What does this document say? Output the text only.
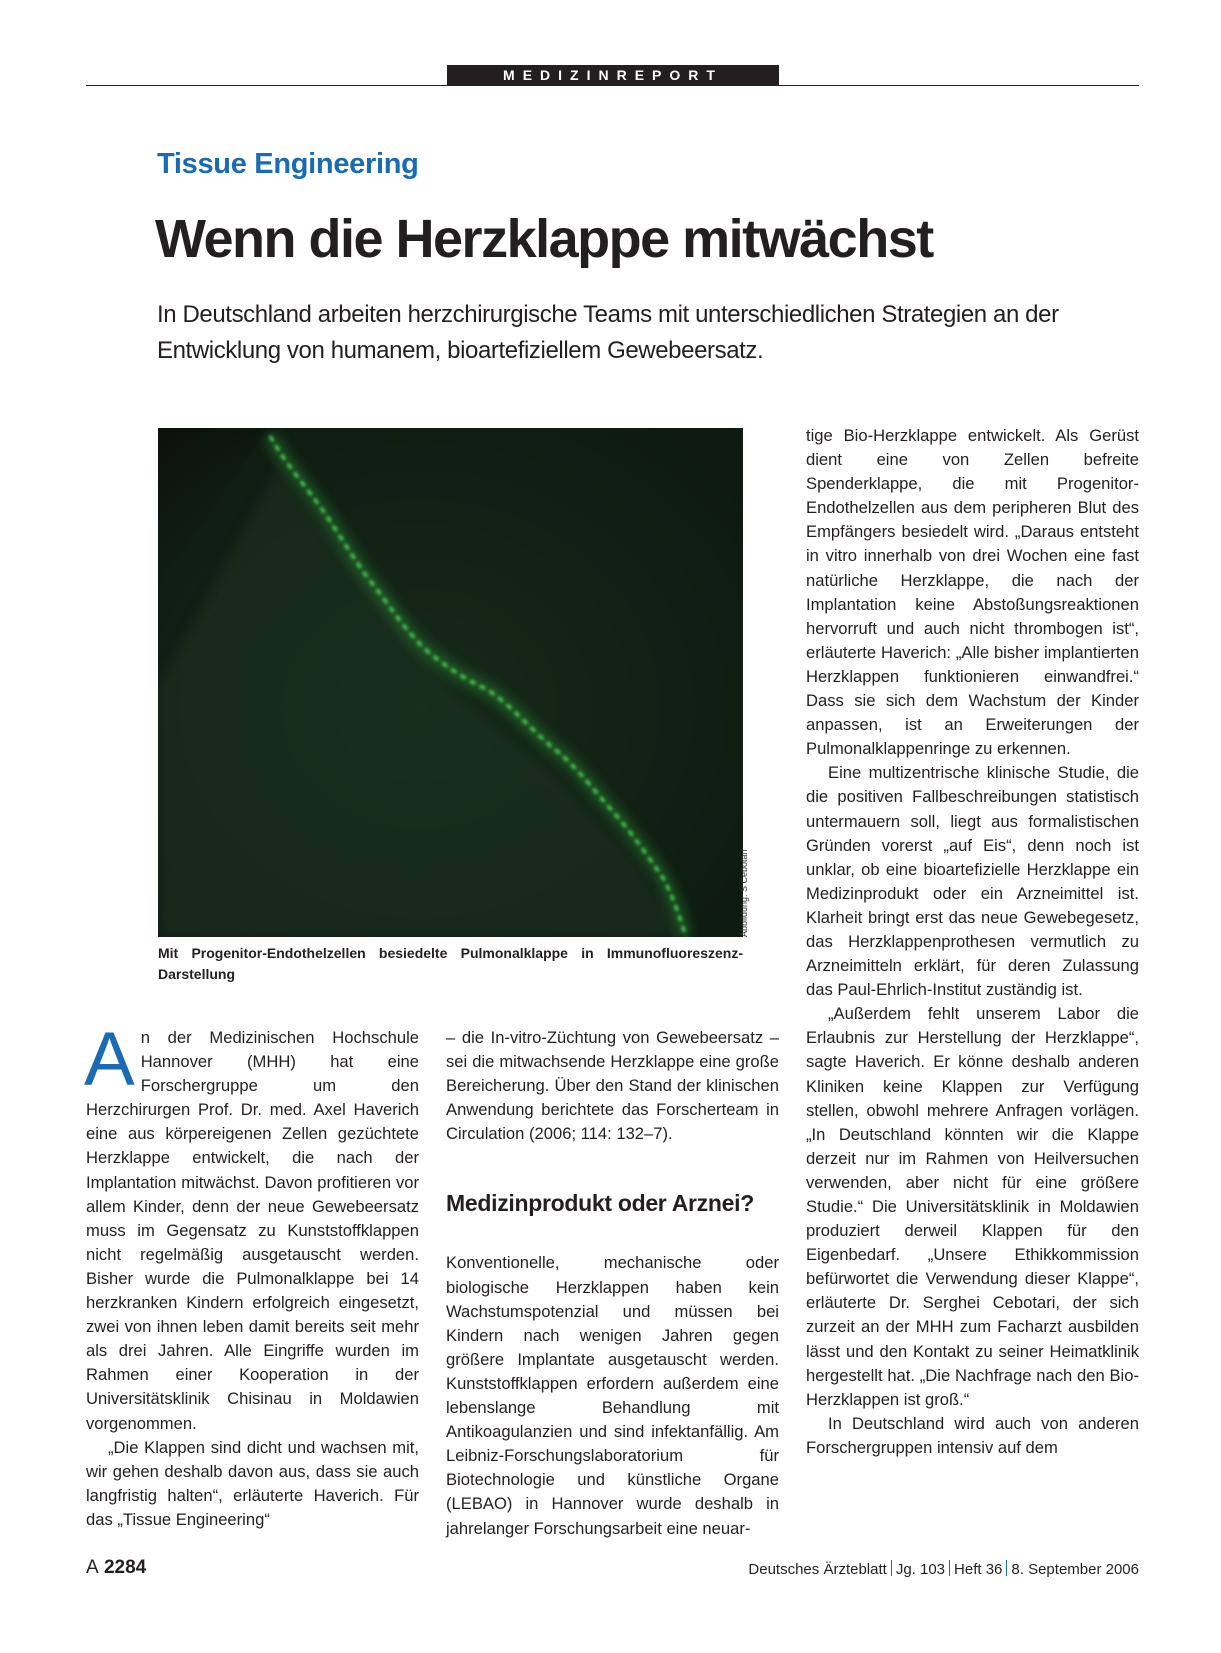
MEDIZINREPORT
Tissue Engineering
Wenn die Herzklappe mitwächst
In Deutschland arbeiten herzchirurgische Teams mit unterschiedlichen Strategien an der Entwicklung von humanem, bioartefiziellem Gewebeersatz.
Abbildung: S Cebotari
Mit Progenitor-Endothelzellen besiedelte Pulmonalklappe in Immunofluoreszenz-Darstellung

An der Medizinischen Hochschule Hannover (MHH) hat eine Forschergruppe um den Herzchirurgen Prof. Dr. med. Axel Haverich eine aus körpereigenen Zellen gezüchtete Herzklappe entwickelt, die nach der Implantation mitwächst. Davon profitieren vor allem Kinder, denn der neue Gewebeersatz muss im Gegensatz zu Kunststoffklappen nicht regelmäßig ausgetauscht werden. Bisher wurde die Pulmonalklappe bei 14 herzkranken Kindern erfolgreich eingesetzt, zwei von ihnen leben damit bereits seit mehr als drei Jahren. Alle Eingriffe wurden im Rahmen einer Kooperation in der Universitätsklinik Chisinau in Moldawien vorgenommen.

„Die Klappen sind dicht und wachsen mit, wir gehen deshalb davon aus, dass sie auch langfristig halten“, erläuterte Haverich. Für das „Tissue Engineering“

– die In-vitro-Züchtung von Gewebeersatz – sei die mitwachsende Herzklappe eine große Bereicherung. Über den Stand der klinischen Anwendung berichtete das Forscherteam in Circulation (2006; 114: 132–7).

Medizinprodukt oder Arznei?

Konventionelle, mechanische oder biologische Herzklappen haben kein Wachstumspotenzial und müssen bei Kindern nach wenigen Jahren gegen größere Implantate ausgetauscht werden. Kunststoffklappen erfordern außerdem eine lebenslange Behandlung mit Antikoagulanzien und sind infektanfällig. Am Leibniz-Forschungslaboratorium für Biotechnologie und künstliche Organe (LEBAO) in Hannover wurde deshalb in jahrelanger Forschungsarbeit eine neuar-

tige Bio-Herzklappe entwickelt. Als Gerüst dient eine von Zellen befreite Spenderklappe, die mit Progenitor-Endothelzellen aus dem peripheren Blut des Empfängers besiedelt wird. „Daraus entsteht in vitro innerhalb von drei Wochen eine fast natürliche Herzklappe, die nach der Implantation keine Abstoßungsreaktionen hervorruft und auch nicht thrombogen ist“, erläuterte Haverich: „Alle bisher implantierten Herzklappen funktionieren einwandfrei.“ Dass sie sich dem Wachstum der Kinder anpassen, ist an Erweiterungen der Pulmonalklappenringe zu erkennen.

Eine multizentrische klinische Studie, die die positiven Fallbeschreibungen statistisch untermauern soll, liegt aus formalistischen Gründen vorerst „auf Eis“, denn noch ist unklar, ob eine bioartefizielle Herzklappe ein Medizinprodukt oder ein Arzneimittel ist. Klarheit bringt erst das neue Gewebegesetz, das Herzklappenprothesen vermutlich zu Arzneimitteln erklärt, für deren Zulassung das Paul-Ehrlich-Institut zuständig ist.

„Außerdem fehlt unserem Labor die Erlaubnis zur Herstellung der Herzklappe“, sagte Haverich. Er könne deshalb anderen Kliniken keine Klappen zur Verfügung stellen, obwohl mehrere Anfragen vorlägen. „In Deutschland könnten wir die Klappe derzeit nur im Rahmen von Heilversuchen verwenden, aber nicht für eine größere Studie.“ Die Universitätsklinik in Moldawien produziert derweil Klappen für den Eigenbedarf. „Unsere Ethikkommission befürwortet die Verwendung dieser Klappe“, erläuterte Dr. Serghei Cebotari, der sich zurzeit an der MHH zum Facharzt ausbilden lässt und den Kontakt zu seiner Heimatklinik hergestellt hat. „Die Nachfrage nach den Bio-Herzklappen ist groß.“

In Deutschland wird auch von anderen Forschergruppen intensiv auf dem

A 2284	Deutsches Ärzteblatt Jg. 103 Heft 36 8. September 2006
